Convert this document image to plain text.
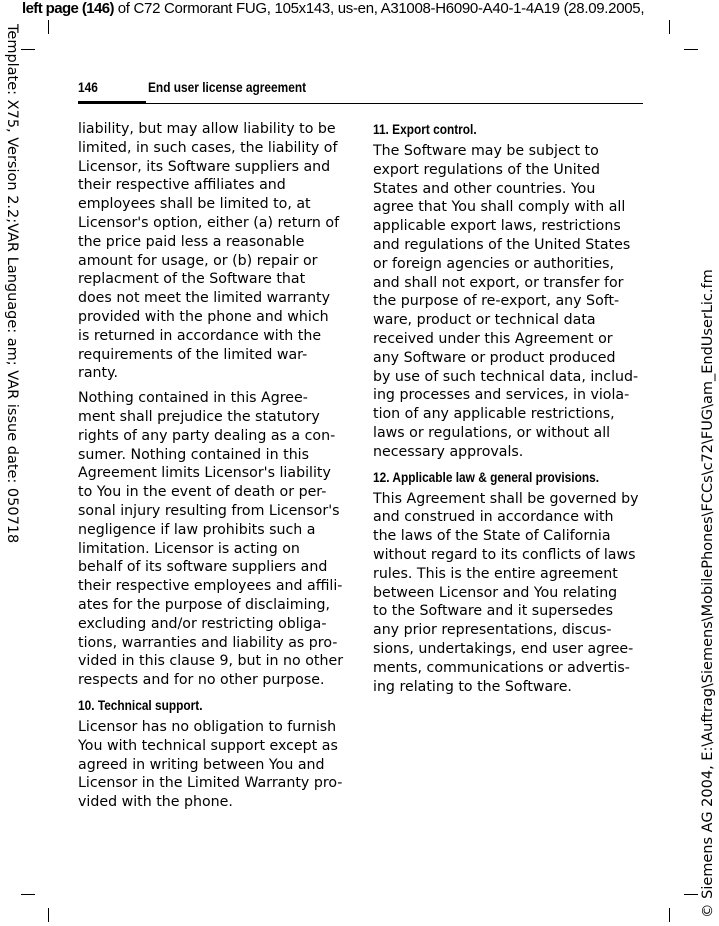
left page (146) of C72 Cormorant FUG, 105x143, us-en, A31008-H6090-A40-1-4A19 (28.09.2005,
Template: X75, Version 2.2;VAR Language: am; VAR issue date: 050718	© Siemens AG 2004, E:\Auftrag\Siemens\MobilePhones\FCCs\c72\FUG\am_EndUserLic.fm
146	End user license agreement
liability, but may allow liability to be
limited, in such cases, the liability of
Licensor, its Software suppliers and
their respective affiliates and
employees shall be limited to, at
Licensor's option, either (a) return of
the price paid less a reasonable
amount for usage, or (b) repair or
replacment of the Software that
does not meet the limited warranty
provided with the phone and which
is returned in accordance with the
requirements of the limited war-
ranty.
Nothing contained in this Agree-
ment shall prejudice the statutory
rights of any party dealing as a con-
sumer. Nothing contained in this
Agreement limits Licensor's liability
to You in the event of death or per-
sonal injury resulting from Licensor's
negligence if law prohibits such a
limitation. Licensor is acting on
behalf of its software suppliers and
their respective employees and affili-
ates for the purpose of disclaiming,
excluding and/or restricting obliga-
tions, warranties and liability as pro-
vided in this clause 9, but in no other
respects and for no other purpose.
10. Technical support.
Licensor has no obligation to furnish
You with technical support except as
agreed in writing between You and
Licensor in the Limited Warranty pro-
vided with the phone.
11. Export control.
The Software may be subject to
export regulations of the United
States and other countries. You
agree that You shall comply with all
applicable export laws, restrictions
and regulations of the United States
or foreign agencies or authorities,
and shall not export, or transfer for
the purpose of re-export, any Soft-
ware, product or technical data
received under this Agreement or
any Software or product produced
by use of such technical data, includ-
ing processes and services, in viola-
tion of any applicable restrictions,
laws or regulations, or without all
necessary approvals.
12. Applicable law & general provisions.
This Agreement shall be governed by
and construed in accordance with
the laws of the State of California
without regard to its conflicts of laws
rules. This is the entire agreement
between Licensor and You relating
to the Software and it supersedes
any prior representations, discus-
sions, undertakings, end user agree-
ments, communications or advertis-
ing relating to the Software.
